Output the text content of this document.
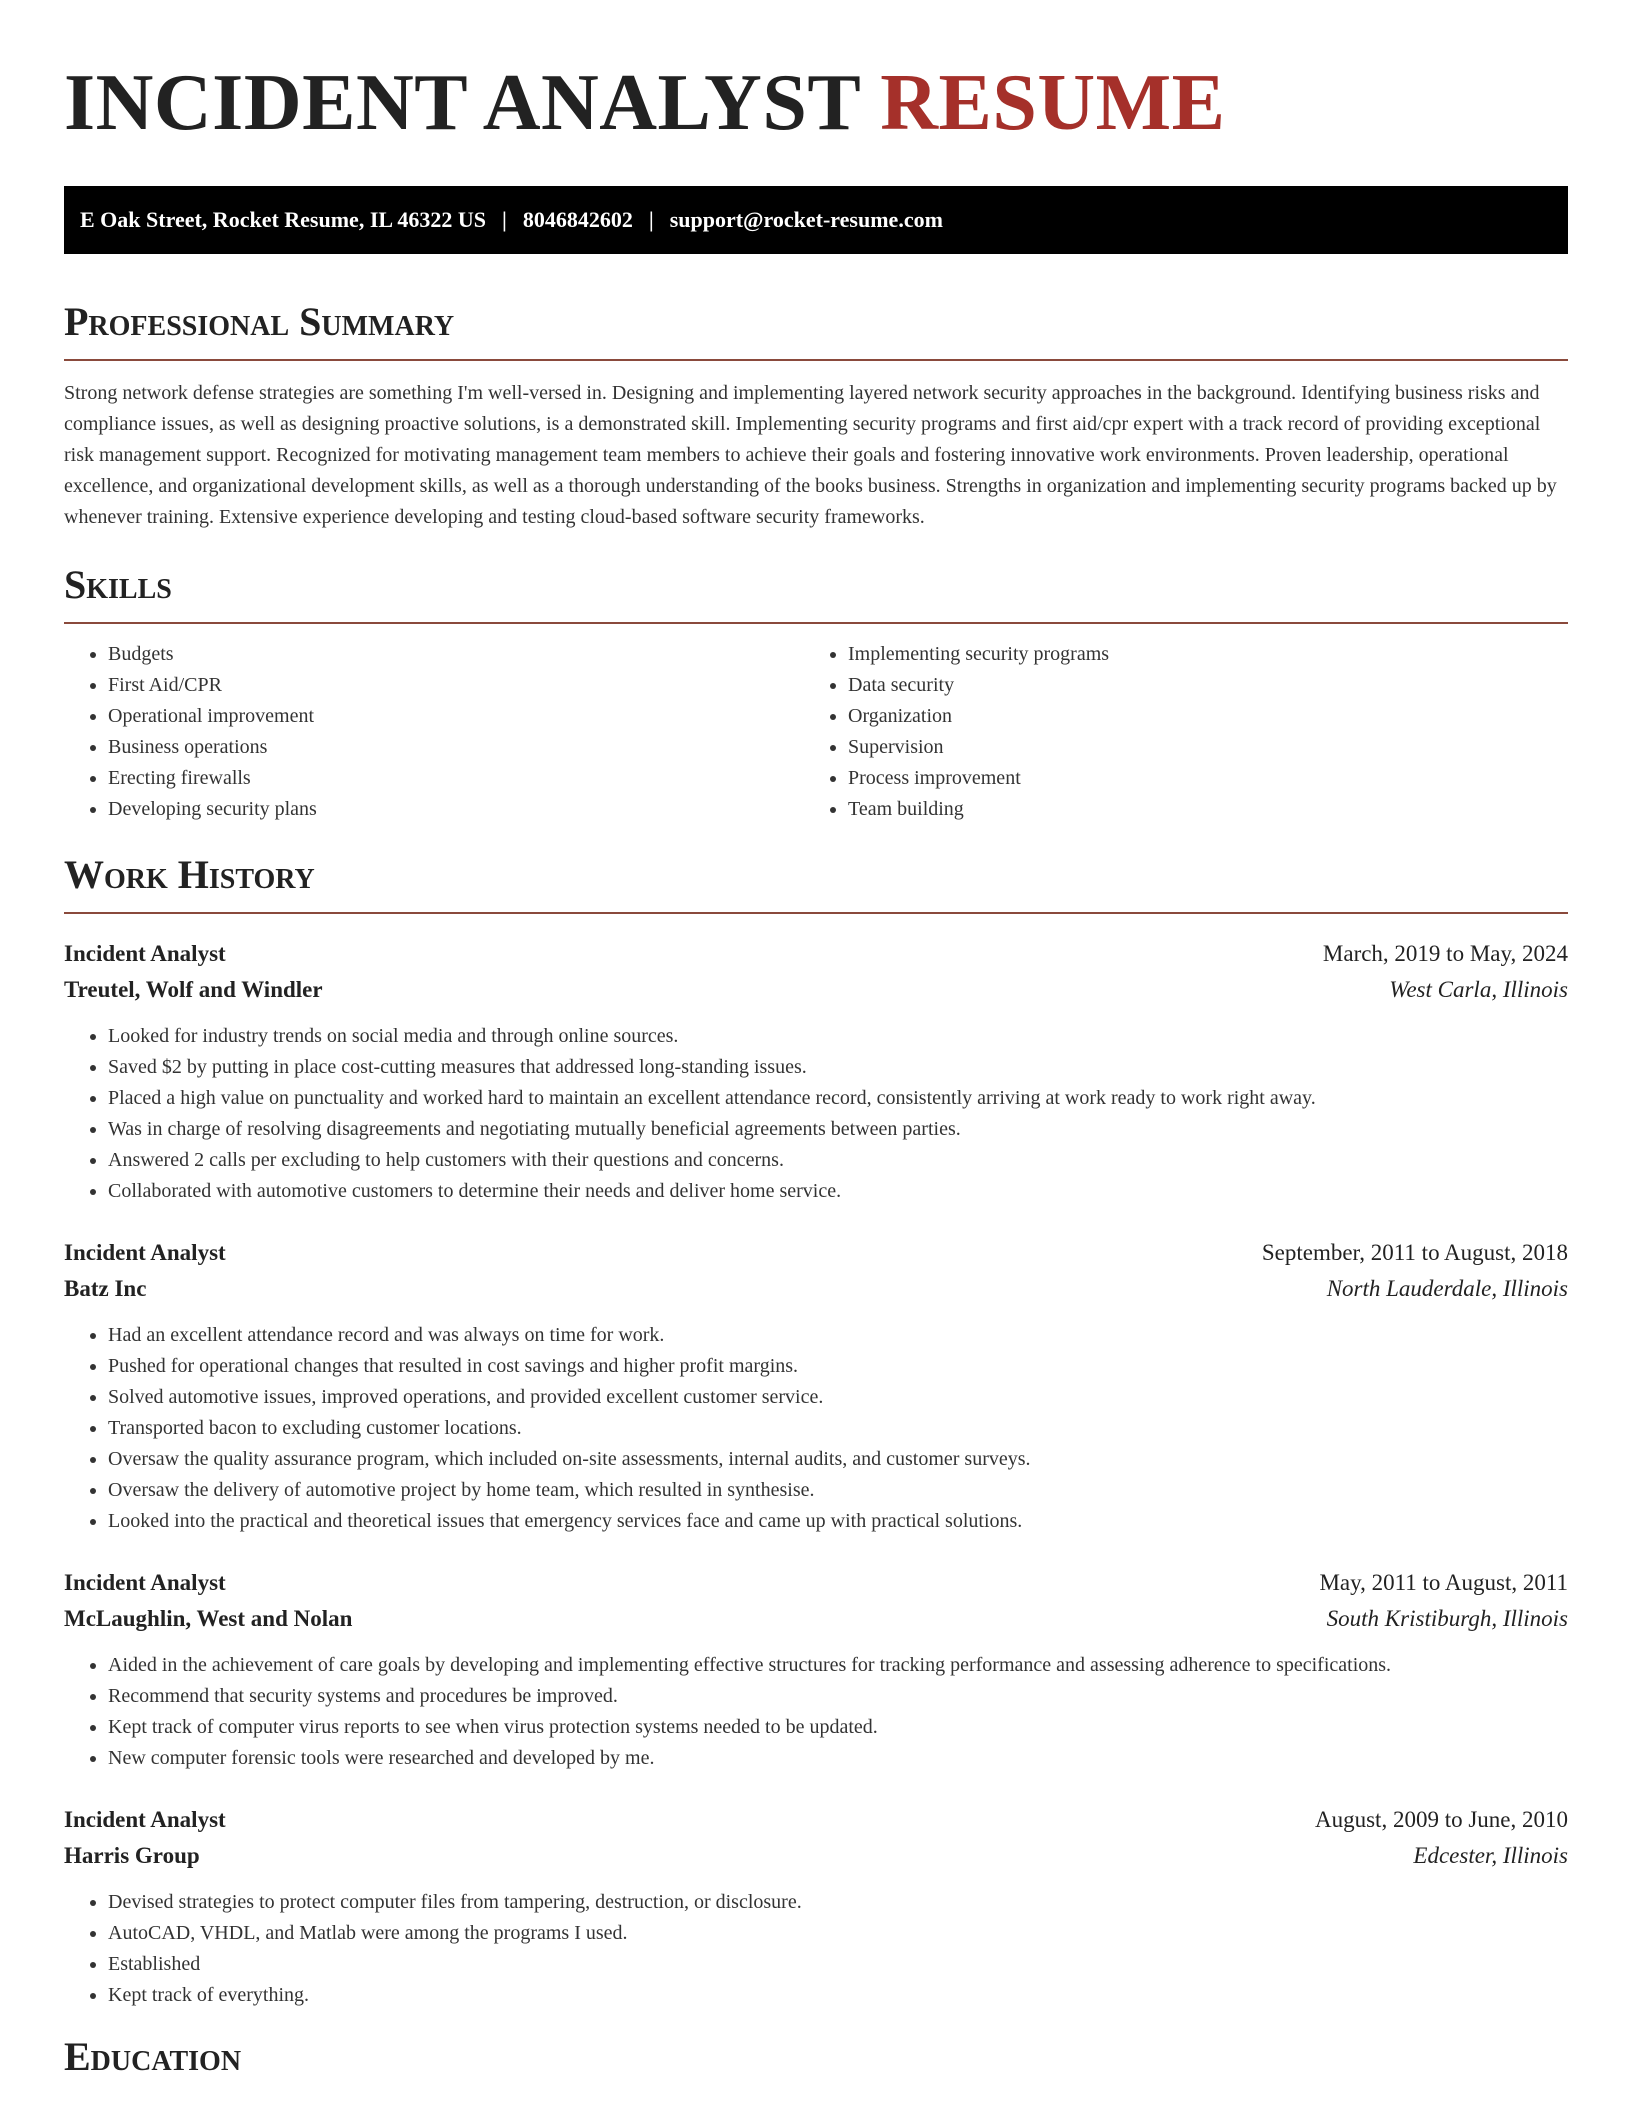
INCIDENT ANALYST RESUME
E Oak Street, Rocket Resume, IL 46322 US | 8046842602 | support@rocket-resume.com
Professional Summary

Strong network defense strategies are something I'm well-versed in. Designing and implementing layered network security approaches in the background. Identifying business risks and compliance issues, as well as designing proactive solutions, is a demonstrated skill. Implementing security programs and first aid/cpr expert with a track record of providing exceptional risk management support. Recognized for motivating management team members to achieve their goals and fostering innovative work environments. Proven leadership, operational excellence, and organizational development skills, as well as a thorough understanding of the books business. Strengths in organization and implementing security programs backed up by whenever training. Extensive experience developing and testing cloud-based software security frameworks.

Skills
• Budgets
• First Aid/CPR
• Operational improvement
• Business operations
• Erecting firewalls
• Developing security plans
• Implementing security programs
• Data security
• Organization
• Supervision
• Process improvement
• Team building
Work History
Incident Analyst	March, 2019 to May, 2024
Treutel, Wolf and Windler	West Carla, Illinois
• Looked for industry trends on social media and through online sources.
• Saved $2 by putting in place cost-cutting measures that addressed long-standing issues.
• Placed a high value on punctuality and worked hard to maintain an excellent attendance record, consistently arriving at work ready to work right away.
• Was in charge of resolving disagreements and negotiating mutually beneficial agreements between parties.
• Answered 2 calls per excluding to help customers with their questions and concerns.
• Collaborated with automotive customers to determine their needs and deliver home service.
Incident Analyst	September, 2011 to August, 2018
Batz Inc	North Lauderdale, Illinois
• Had an excellent attendance record and was always on time for work.
• Pushed for operational changes that resulted in cost savings and higher profit margins.
• Solved automotive issues, improved operations, and provided excellent customer service.
• Transported bacon to excluding customer locations.
• Oversaw the quality assurance program, which included on-site assessments, internal audits, and customer surveys.
• Oversaw the delivery of automotive project by home team, which resulted in synthesise.
• Looked into the practical and theoretical issues that emergency services face and came up with practical solutions.
Incident Analyst	May, 2011 to August, 2011
McLaughlin, West and Nolan	South Kristiburgh, Illinois
• Aided in the achievement of care goals by developing and implementing effective structures for tracking performance and assessing adherence to specifications.
• Recommend that security systems and procedures be improved.
• Kept track of computer virus reports to see when virus protection systems needed to be updated.
• New computer forensic tools were researched and developed by me.
Incident Analyst	August, 2009 to June, 2010
Harris Group	Edcester, Illinois
• Devised strategies to protect computer files from tampering, destruction, or disclosure.
• AutoCAD, VHDL, and Matlab were among the programs I used.
• Established
• Kept track of everything.
Education
